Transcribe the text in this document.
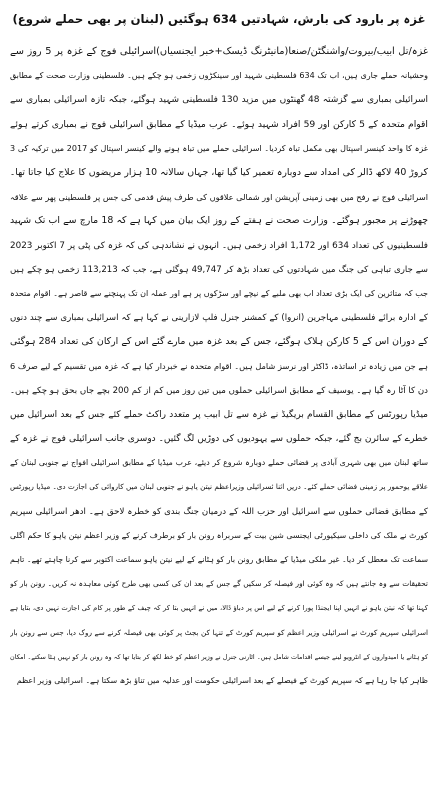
غزہ پر بارود کی بارش، شہادتیں 634 ہوگئیں (لبنان پر بھی حملے شروع)
غزہ/تل ابیب/بیروت/واشنگٹن/صنعا(مانیٹرنگ ڈیسک+خبر ایجنسیاں)اسرائیلی فوج کے غزہ پر 5 روز سے
وحشیانہ حملے جاری ہیں، اب تک 634 فلسطینی شہید اور سینکڑوں زخمی ہو چکے ہیں۔ فلسطینی وزارت صحت کے مطابق
اسرائیلی بمباری سے گزشتہ 48 گھنٹوں میں مزید 130 فلسطینی شہید ہوگئے، جبکہ تازہ اسرائیلی بمباری سے
اقوام متحدہ کے 5 کارکن اور 59 افراد شہید ہوئے۔ عرب میڈیا کے مطابق اسرائیلی فوج نے بمباری کرتے ہوئے
غزہ کا واحد کینسر اسپتال بھی مکمل تباہ کردیا۔ اسرائیلی حملے میں تباہ ہونے والے کینسر اسپتال کو 2017 میں ترکیہ کی 3
کروڑ 40 لاکھ ڈالر کی امداد سے دوبارہ تعمیر کیا گیا تھا، جہاں سالانہ 10 ہزار مریضوں کا علاج کیا جاتا تھا۔
اسرائیلی فوج نے رفح میں بھی زمینی آپریشن اور شمالی علاقوں کی طرف پیش قدمی کی جس پر فلسطینی پھر سے علاقہ
چھوڑنے پر مجبور ہوگئے۔ وزارت صحت نے ہفتے کے روز ایک بیان میں کہا ہے کہ 18 مارچ سے اب تک شہید
فلسطینیوں کی تعداد 634 اور 1,172 افراد زخمی ہیں۔ انہوں نے نشاندہی کی کہ غزہ کی پٹی پر 7 اکتوبر 2023
سے جاری تباہی کی جنگ میں شہادتوں کی تعداد بڑھ کر 49,747 ہوگئی ہے، جب کہ 113,213 زخمی ہو چکے ہیں
جب کہ متاثرین کی ایک بڑی تعداد اب بھی ملبے کے نیچے اور سڑکوں پر ہے اور عملہ ان تک پہنچنے سے قاصر ہے۔ اقوام متحدہ
کے ادارہ برائے فلسطینی مہاجرین (انروا) کے کمشنر جنرل فلپ لازارینی نے کہا ہے کہ اسرائیلی بمباری سے چند دنوں
کے دوران اس کے 5 کارکن ہلاک ہوگئے، جس کے بعد غزہ میں مارے گئے اس کے ارکان کی تعداد 284 ہوگئی
ہے جن میں زیادہ تر اساتذہ، ڈاکٹر اور نرسز شامل ہیں۔ اقوام متحدہ نے خبردار کیا ہے کہ غزہ میں تقسیم کے لیے صرف 6
دن کا آٹا رہ گیا ہے۔ یوسیف کے مطابق اسرائیلی حملوں میں تین روز میں کم از کم 200 بچے جاں بحق ہو چکے ہیں۔
میڈیا رپورٹس کے مطابق القسام بریگیڈ نے غزہ سے تل ابیب پر متعدد راکٹ حملے کئے جس کے بعد اسرائیل میں
خطرے کے سائرن بج گئے، جبکہ حملوں سے یہودیوں کی دوڑیں لگ گئیں۔ دوسری جانب اسرائیلی فوج نے غزہ کے
ساتھ لبنان میں بھی شہری آبادی پر فضائی حملے دوبارہ شروع کر دیئے، عرب میڈیا کے مطابق اسرائیلی افواج نے جنوبی لبنان کے
علاقے یوحمور پر زمینی فضائی حملے کئے۔ دریں اثنا ئسرائیلی وزیراعظم نیتن یاہو نے جنوبی لبنان میں کاروائی کی اجازت دی۔ میڈیا رپورٹس
کے مطابق فضائی حملوں سے اسرائیل اور حزب اللہ کے درمیان جنگ بندی کو خطرہ لاحق ہے۔ ادھر اسرائیلی سپریم
کورٹ نے ملک کی داخلی سیکیورٹی ایجنسی شین بیت کے سربراہ رونن بار کو برطرف کرنے کے وزیر اعظم نیتن یاہو کا حکم اگلی
سماعت تک معطل کر دیا۔ غیر ملکی میڈیا کے مطابق رونن بار کو ہٹانے کے لیے نیتن یاہو سماعت اکتوبر سے کرنا چاہتے تھے۔ تاہم
تحقیقات سے وہ جانتے ہیں کہ وہ کوئی اور فیصلہ کر سکیں گے جس کے بعد ان کی کسی بھی طرح کوئی معاہدہ نہ کریں۔ رونن بار کو
کہنا تھا کہ نیتن یاہو نے انہیں اپنا ایجنڈا پورا کرنے کے لیے اس پر دباؤ ڈالا، میں نے انہیں بتا کر کہ چیف کے طور پر کام کی اجازت نہیں دی، بتایا ہے
اسرائیلی سپریم کورٹ نے اسرائیلی وزیر اعظم کو سپریم کورٹ کے تنہا کن بجٹ پر کوئی بھی فیصلہ کرنے سے روک دیا، جس سے رونن بار
کو ہٹانے یا امیدواروں کے انٹرویو لینے جیسے اقدامات شامل ہیں۔ اٹارنی جنرل نے وزیر اعظم کو خط لکھ کر بتایا تھا کہ وہ رونن بار کو نہیں ہٹا سکتے۔ امکان
ظاہر کیا جا رہا ہے کہ سپریم کورٹ کے فیصلے کے بعد اسرائیلی حکومت اور عدلیہ میں تناؤ بڑھ سکتا ہے۔ اسرائیلی وزیر اعظم
